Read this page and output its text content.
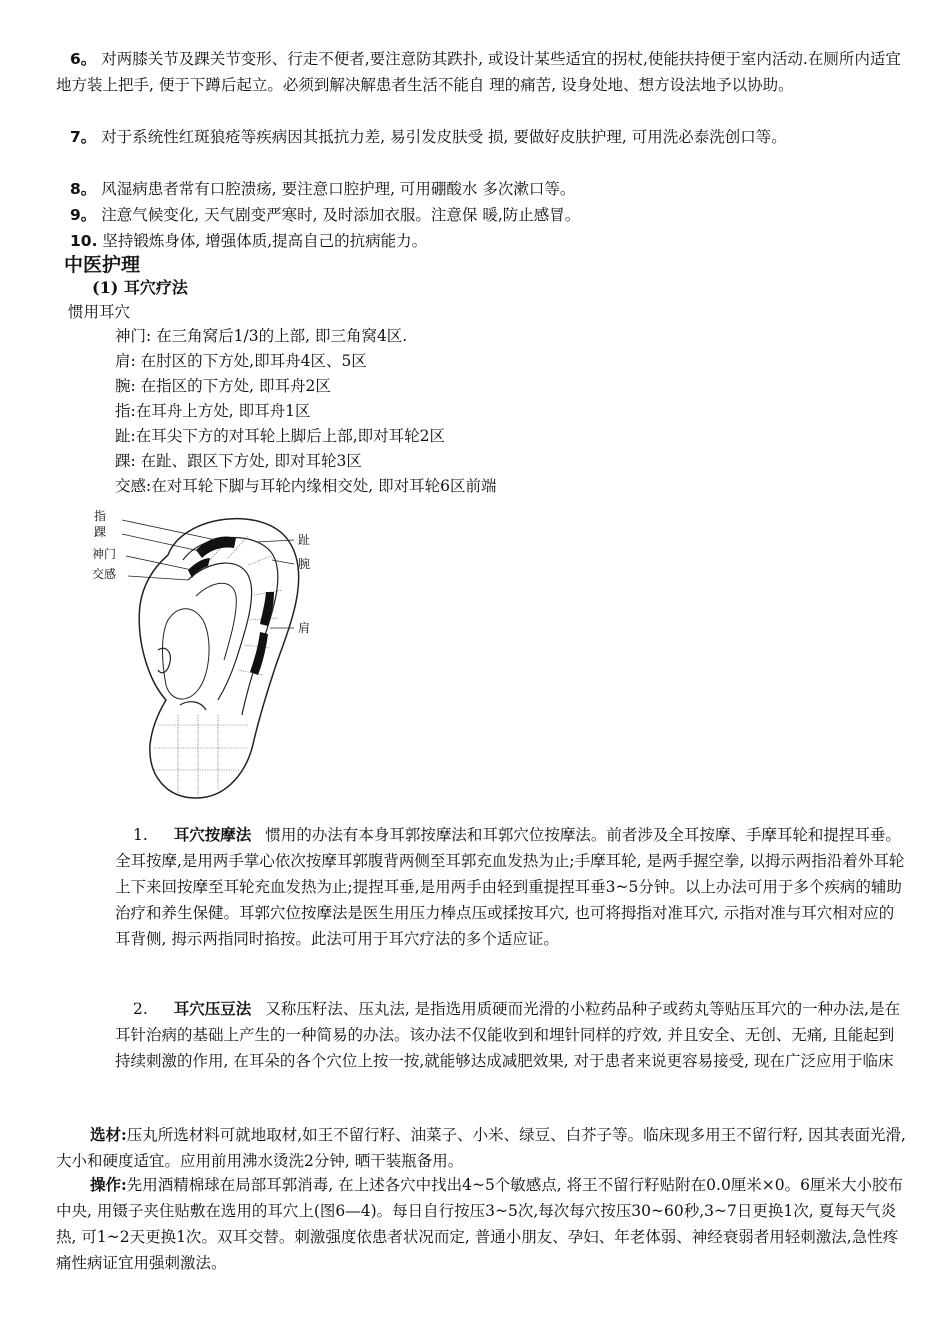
6。 对两膝关节及踝关节变形、行走不便者,要注意防其跌扑, 或设计某些适宜的拐杖,使能扶持便于室内活动.在厕所内适宜 地方装上把手, 便于下蹲后起立。必须到解决解患者生活不能自 理的痛苦, 设身处地、想方设法地予以协助。
7。 对于系统性红斑狼疮等疾病因其抵抗力差, 易引发皮肤受 损, 要做好皮肤护理, 可用洗必泰洗创口等。
8。 风湿病患者常有口腔溃疡, 要注意口腔护理, 可用硼酸水 多次漱口等。
9。 注意气候变化, 天气剧变严寒时, 及时添加衣服。注意保 暖,防止感冒。
10. 坚持锻炼身体, 增强体质,提高自己的抗病能力。
中医护理
(1) 耳穴疗法
惯用耳穴
神门: 在三角窝后1/3的上部, 即三角窝4区.
肩: 在肘区的下方处,即耳舟4区、5区
腕: 在指区的下方处, 即耳舟2区
指:在耳舟上方处, 即耳舟1区
趾:在耳尖下方的对耳轮上脚后上部,即对耳轮2区
踝: 在趾、跟区下方处, 即对耳轮3区
交感:在对耳轮下脚与耳轮内缘相交处, 即对耳轮6区前端
指
踝
神门
交感
趾
腕
肩
1. 耳穴按摩法 惯用的办法有本身耳郭按摩法和耳郭穴位按摩法。前者涉及全耳按摩、手摩耳轮和提捏耳垂。全耳按摩,是用两手掌心依次按摩耳郭腹背两侧至耳郭充血发热为止;手摩耳轮, 是两手握空拳, 以拇示两指沿着外耳轮上下来回按摩至耳轮充血发热为止;提捏耳垂,是用两手由轻到重提捏耳垂3~5分钟。以上办法可用于多个疾病的辅助治疗和养生保健。耳郭穴位按摩法是医生用压力棒点压或揉按耳穴, 也可将拇指对准耳穴, 示指对准与耳穴相对应的耳背侧, 拇示两指同时掐按。此法可用于耳穴疗法的多个适应证。
2. 耳穴压豆法 又称压籽法、压丸法, 是指选用质硬而光滑的小粒药品种子或药丸等贴压耳穴的一种办法,是在耳针治病的基础上产生的一种简易的办法。该办法不仅能收到和埋针同样的疗效, 并且安全、无创、无痛, 且能起到持续刺激的作用, 在耳朵的各个穴位上按一按,就能够达成减肥效果, 对于患者来说更容易接受, 现在广泛应用于临床
选材:压丸所选材料可就地取材,如王不留行籽、油菜子、小米、绿豆、白芥子等。临床现多用王不留行籽, 因其表面光滑,大小和硬度适宜。应用前用沸水烫洗2分钟, 晒干装瓶备用。
操作:先用酒精棉球在局部耳郭消毒, 在上述各穴中找出4~5个敏感点, 将王不留行籽贴附在0.0厘米×0。6厘米大小胶布中央, 用镊子夹住贴敷在选用的耳穴上(图6—4)。每日自行按压3~5次,每次每穴按压30~60秒,3~7日更换1次, 夏每天气炎热, 可1~2天更换1次。双耳交替。刺激强度依患者状况而定, 普通小朋友、孕妇、年老体弱、神经衰弱者用轻刺激法,急性疼痛性病证宜用强刺激法。
